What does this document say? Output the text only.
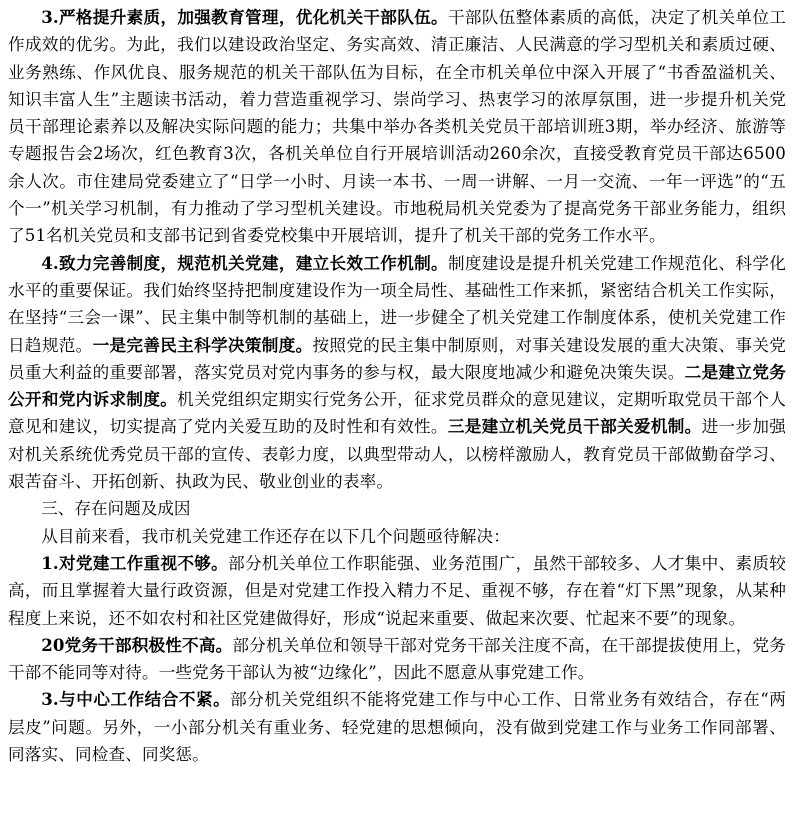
3.严格提升素质，加强教育管理，优化机关干部队伍。干部队伍整体素质的高低，决定了机关单位工作成效的优劣。为此，我们以建设政治坚定、务实高效、清正廉洁、人民满意的学习型机关和素质过硬、业务熟练、作风优良、服务规范的机关干部队伍为目标，在全市机关单位中深入开展了“书香盈溢机关、知识丰富人生”主题读书活动，着力营造重视学习、崇尚学习、热衷学习的浓厚氛围，进一步提升机关党员干部理论素养以及解决实际问题的能力；共集中举办各类机关党员干部培训班3期，举办经济、旅游等专题报告会2场次，红色教育3次，各机关单位自行开展培训活动260余次，直接受教育党员干部达6500余人次。市住建局党委建立了“日学一小时、月读一本书、一周一讲解、一月一交流、一年一评选”的“五个一”机关学习机制，有力推动了学习型机关建设。市地税局机关党委为了提高党务干部业务能力，组织了51名机关党员和支部书记到省委党校集中开展培训，提升了机关干部的党务工作水平。

4.致力完善制度，规范机关党建，建立长效工作机制。制度建设是提升机关党建工作规范化、科学化水平的重要保证。我们始终坚持把制度建设作为一项全局性、基础性工作来抓，紧密结合机关工作实际，在坚持“三会一课”、民主集中制等机制的基础上，进一步健全了机关党建工作制度体系，使机关党建工作日趋规范。一是完善民主科学决策制度。按照党的民主集中制原则，对事关建设发展的重大决策、事关党员重大利益的重要部署，落实党员对党内事务的参与权，最大限度地减少和避免决策失误。二是建立党务公开和党内诉求制度。机关党组织定期实行党务公开，征求党员群众的意见建议，定期听取党员干部个人意见和建议，切实提高了党内关爱互助的及时性和有效性。三是建立机关党员干部关爱机制。进一步加强对机关系统优秀党员干部的宣传、表彰力度，以典型带动人，以榜样激励人，教育党员干部做勤奋学习、艰苦奋斗、开拓创新、执政为民、敬业创业的表率。

三、存在问题及成因

从目前来看，我市机关党建工作还存在以下几个问题亟待解决：

1.对党建工作重视不够。部分机关单位工作职能强、业务范围广，虽然干部较多、人才集中、素质较高，而且掌握着大量行政资源，但是对党建工作投入精力不足、重视不够，存在着“灯下黑”现象，从某种程度上来说，还不如农村和社区党建做得好，形成“说起来重要、做起来次要、忙起来不要”的现象。

20党务干部积极性不高。部分机关单位和领导干部对党务干部关注度不高，在干部提拔使用上，党务干部不能同等对待。一些党务干部认为被“边缘化”，因此不愿意从事党建工作。

3.与中心工作结合不紧。部分机关党组织不能将党建工作与中心工作、日常业务有效结合，存在“两层皮”问题。另外，一小部分机关有重业务、轻党建的思想倾向，没有做到党建工作与业务工作同部署、同落实、同检查、同奖惩。
